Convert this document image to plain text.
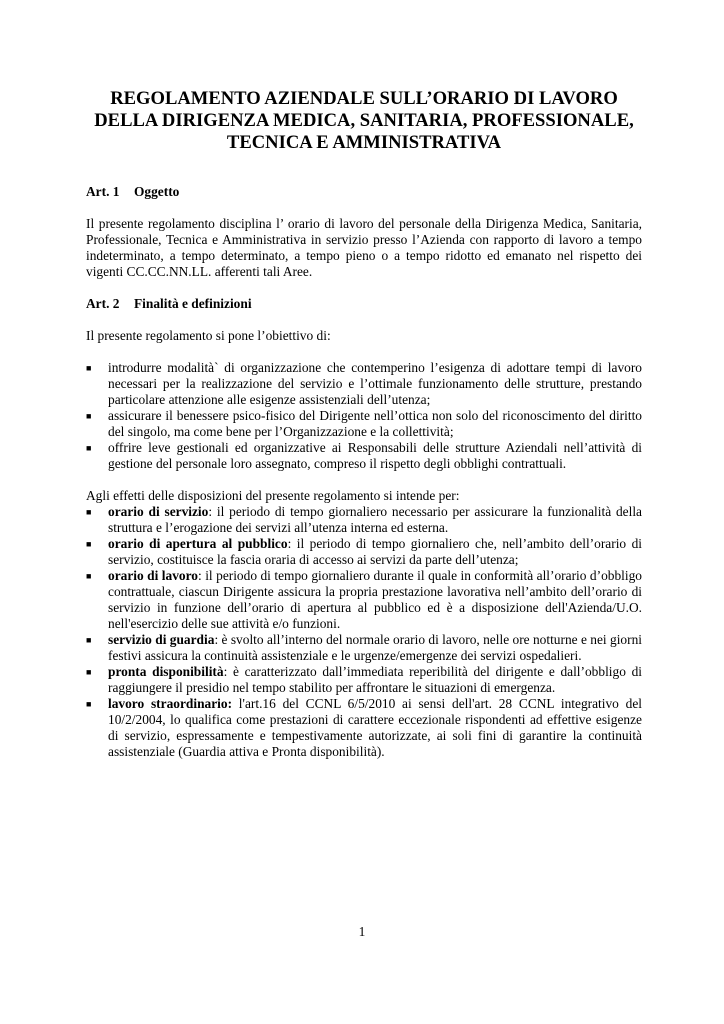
REGOLAMENTO AZIENDALE SULL’ORARIO DI LAVORO
DELLA DIRIGENZA MEDICA, SANITARIA, PROFESSIONALE,
TECNICA E AMMINISTRATIVA

Art. 1 Oggetto

Il presente regolamento disciplina l’ orario di lavoro del personale della Dirigenza Medica, Sanitaria, Professionale, Tecnica e Amministrativa in servizio presso l’Azienda con rapporto di lavoro a tempo indeterminato, a tempo determinato, a tempo pieno o a tempo ridotto ed emanato nel rispetto dei vigenti CC.CC.NN.LL. afferenti tali Aree.

Art. 2 Finalità e definizioni

Il presente regolamento si pone l’obiettivo di:

■ introdurre modalità` di organizzazione che contemperino l’esigenza di adottare tempi di lavoro necessari per la realizzazione del servizio e l’ottimale funzionamento delle strutture, prestando particolare attenzione alle esigenze assistenziali dell’utenza;
■ assicurare il benessere psico-fisico del Dirigente nell’ottica non solo del riconoscimento del diritto del singolo, ma come bene per l’Organizzazione e la collettività;
■ offrire leve gestionali ed organizzative ai Responsabili delle strutture Aziendali nell’attività di gestione del personale loro assegnato, compreso il rispetto degli obblighi contrattuali.

Agli effetti delle disposizioni del presente regolamento si intende per:

■ orario di servizio: il periodo di tempo giornaliero necessario per assicurare la funzionalità della struttura e l’erogazione dei servizi all’utenza interna ed esterna.
■ orario di apertura al pubblico: il periodo di tempo giornaliero che, nell’ambito dell’orario di servizio, costituisce la fascia oraria di accesso ai servizi da parte dell’utenza;
■ orario di lavoro: il periodo di tempo giornaliero durante il quale in conformità all’orario d’obbligo contrattuale, ciascun Dirigente assicura la propria prestazione lavorativa nell’ambito dell’orario di servizio in funzione dell’orario di apertura al pubblico ed è a disposizione dell'Azienda/U.O. nell'esercizio delle sue attività e/o funzioni.
■ servizio di guardia: è svolto all’interno del normale orario di lavoro, nelle ore notturne e nei giorni festivi assicura la continuità assistenziale e le urgenze/emergenze dei servizi ospedalieri.
■ pronta disponibilità: è caratterizzato dall’immediata reperibilità del dirigente e dall’obbligo di raggiungere il presidio nel tempo stabilito per affrontare le situazioni di emergenza.
■ lavoro straordinario: l'art.16 del CCNL 6/5/2010 ai sensi dell'art. 28 CCNL integrativo del 10/2/2004, lo qualifica come prestazioni di carattere eccezionale rispondenti ad effettive esigenze di servizio, espressamente e tempestivamente autorizzate, ai soli fini di garantire la continuità assistenziale (Guardia attiva e Pronta disponibilità).
1
